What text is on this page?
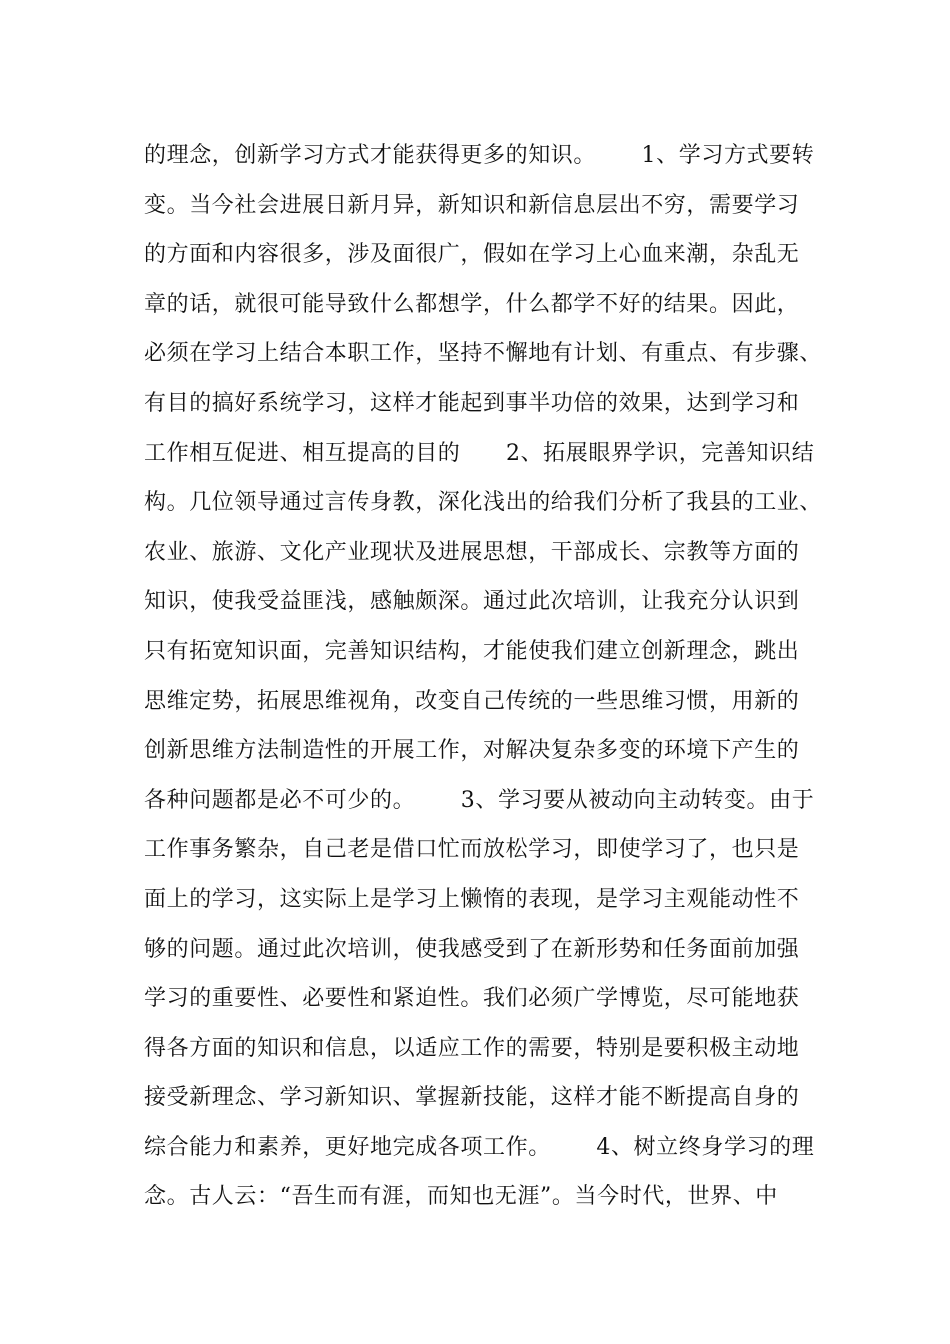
的理念，创新学习方式才能获得更多的知识。      1、学习方式要转
变。当今社会进展日新月异，新知识和新信息层出不穷，需要学习
的方面和内容很多，涉及面很广，假如在学习上心血来潮，杂乱无
章的话，就很可能导致什么都想学，什么都学不好的结果。因此，
必须在学习上结合本职工作，坚持不懈地有计划、有重点、有步骤、
有目的搞好系统学习，这样才能起到事半功倍的效果，达到学习和
工作相互促进、相互提高的目的      2、拓展眼界学识，完善知识结
构。几位领导通过言传身教，深化浅出的给我们分析了我县的工业、
农业、旅游、文化产业现状及进展思想，干部成长、宗教等方面的
知识，使我受益匪浅，感触颇深。通过此次培训，让我充分认识到
只有拓宽知识面，完善知识结构，才能使我们建立创新理念，跳出
思维定势，拓展思维视角，改变自己传统的一些思维习惯，用新的
创新思维方法制造性的开展工作，对解决复杂多变的环境下产生的
各种问题都是必不可少的。      3、学习要从被动向主动转变。由于
工作事务繁杂，自己老是借口忙而放松学习，即使学习了，也只是
面上的学习，这实际上是学习上懒惰的表现，是学习主观能动性不
够的问题。通过此次培训，使我感受到了在新形势和任务面前加强
学习的重要性、必要性和紧迫性。我们必须广学博览，尽可能地获
得各方面的知识和信息，以适应工作的需要，特别是要积极主动地
接受新理念、学习新知识、掌握新技能，这样才能不断提高自身的
综合能力和素养，更好地完成各项工作。      4、树立终身学习的理
念。古人云：“吾生而有涯，而知也无涯”。当今时代，世界、中
